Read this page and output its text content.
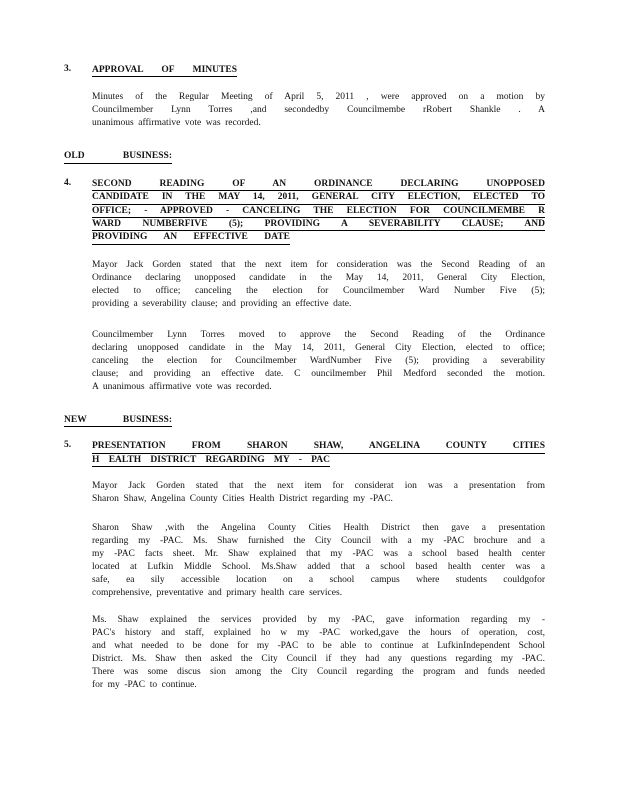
3. APPROVAL OF MINUTES
Minutes of the Regular Meeting of April 5, 2011 , were approved on a motion by
Councilmember Lynn Torres ,and secondedby Councilmembe rRobert Shankle . A
unanimous affirmative vote was recorded.
OLD BUSINESS:
4. SECOND READING OF AN ORDINANCE DECLARING UNOPPOSED
CANDIDATE IN THE MAY 14, 2011, GENERAL CITY ELECTION, ELECTED TO
OFFICE; - APPROVED - CANCELING THE ELECTION FOR COUNCILMEMBE R
WARD NUMBERFIVE (5); PROVIDING A SEVERABILITY CLAUSE; AND
PROVIDING AN EFFECTIVE DATE
Mayor Jack Gorden stated that the next item for consideration was the Second Reading of an
Ordinance declaring unopposed candidate in the May 14, 2011, General City Election,
elected to office; canceling the election for Councilmember Ward Number Five (5);
providing a severability clause; and providing an effective date.
Councilmember Lynn Torres moved to approve the Second Reading of the Ordinance
declaring unopposed candidate in the May 14, 2011, General City Election, elected to office;
canceling the election for Councilmember WardNumber Five (5); providing a severability
clause; and providing an effective date. C ouncilmember Phil Medford seconded the motion.
A unanimous affirmative vote was recorded.
NEW BUSINESS:
5. PRESENTATION FROM SHARON SHAW, ANGELINA COUNTY CITIES
H EALTH DISTRICT REGARDING MY - PAC
Mayor Jack Gorden stated that the next item for considerat ion was a presentation from
Sharon Shaw, Angelina County Cities Health District regarding my -PAC.
Sharon Shaw ,with the Angelina County Cities Health District then gave a presentation
regarding my -PAC. Ms. Shaw furnished the City Council with a my -PAC brochure and a
my -PAC facts sheet. Mr. Shaw explained that my -PAC was a school based health center
located at Lufkin Middle School. Ms.Shaw added that a school based health center was a
safe, ea sily accessible location on a school campus where students couldgofor
comprehensive, preventative and primary health care services.
Ms. Shaw explained the services provided by my -PAC, gave information regarding my -
PAC's history and staff, explained ho w my -PAC worked,gave the hours of operation, cost,
and what needed to be done for my -PAC to be able to continue at LufkinIndependent School
District. Ms. Shaw then asked the City Council if they had any questions regarding my -PAC.
There was some discus sion among the City Council regarding the program and funds needed
for my -PAC to continue.
